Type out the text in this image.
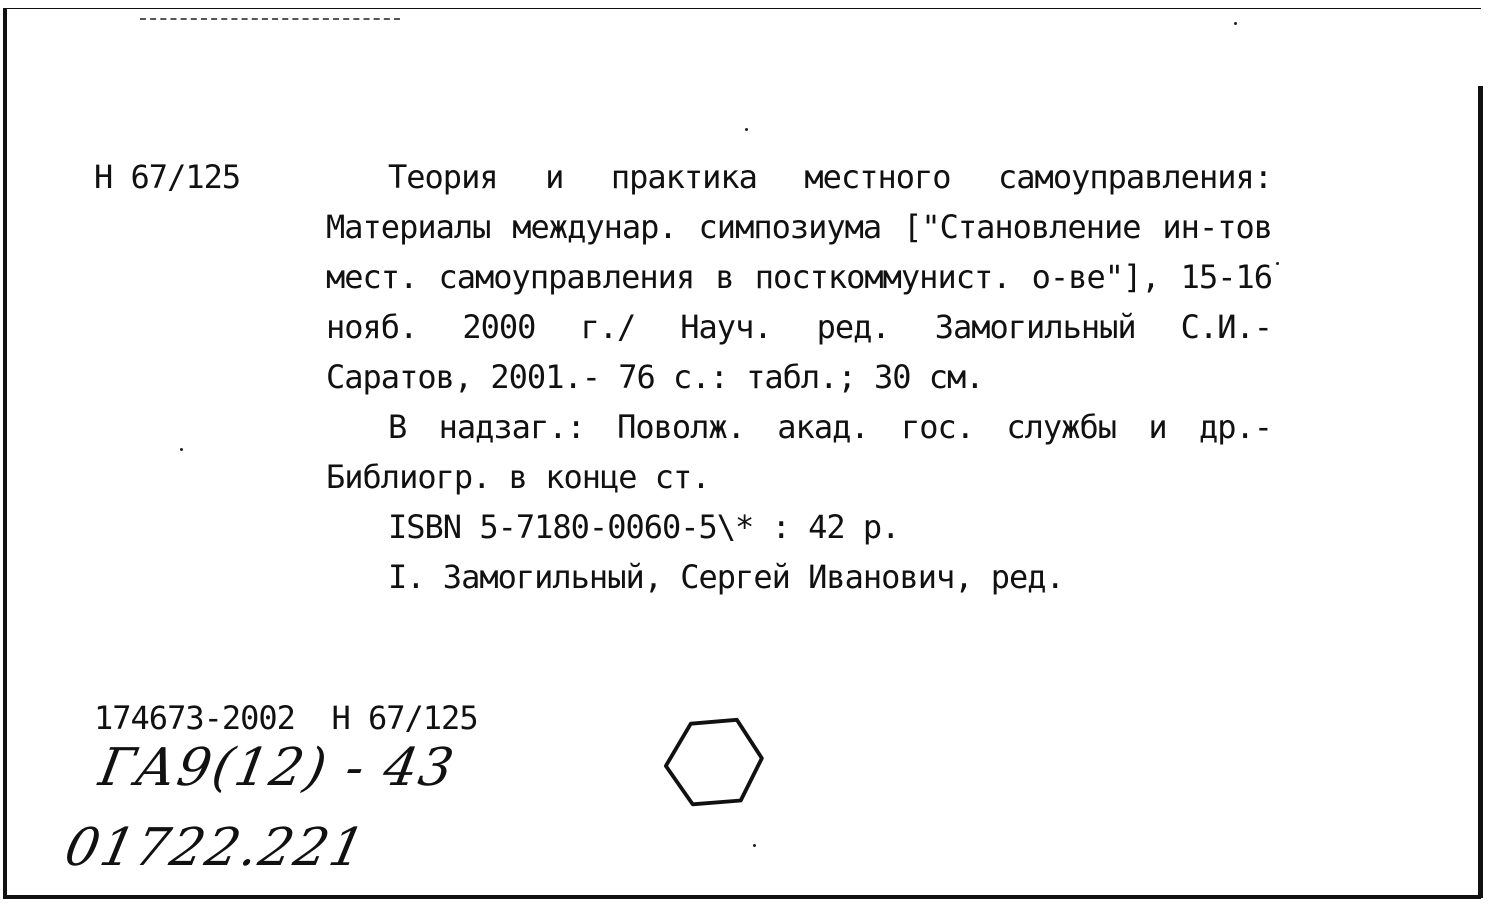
Н 67/125	Теория и практика местного самоуправления: Материалы междунар. симпозиума ["Становление ин-тов мест. самоуправления в посткоммунист. о-ве"], 15-16 нояб. 2000 г./ Науч. ред. Замогильный С.И.- Саратов, 2001.- 76 с.: табл.; 30 см.

В надзаг.: Поволж. акад. гос. службы и др.- Библиогр. в конце ст.

ISBN 5-7180-0060-5\* : 42 р.

I. Замогильный, Сергей Иванович, ред.

174673-2002  Н 67/125
ГА9(12) - 43
01722.221
